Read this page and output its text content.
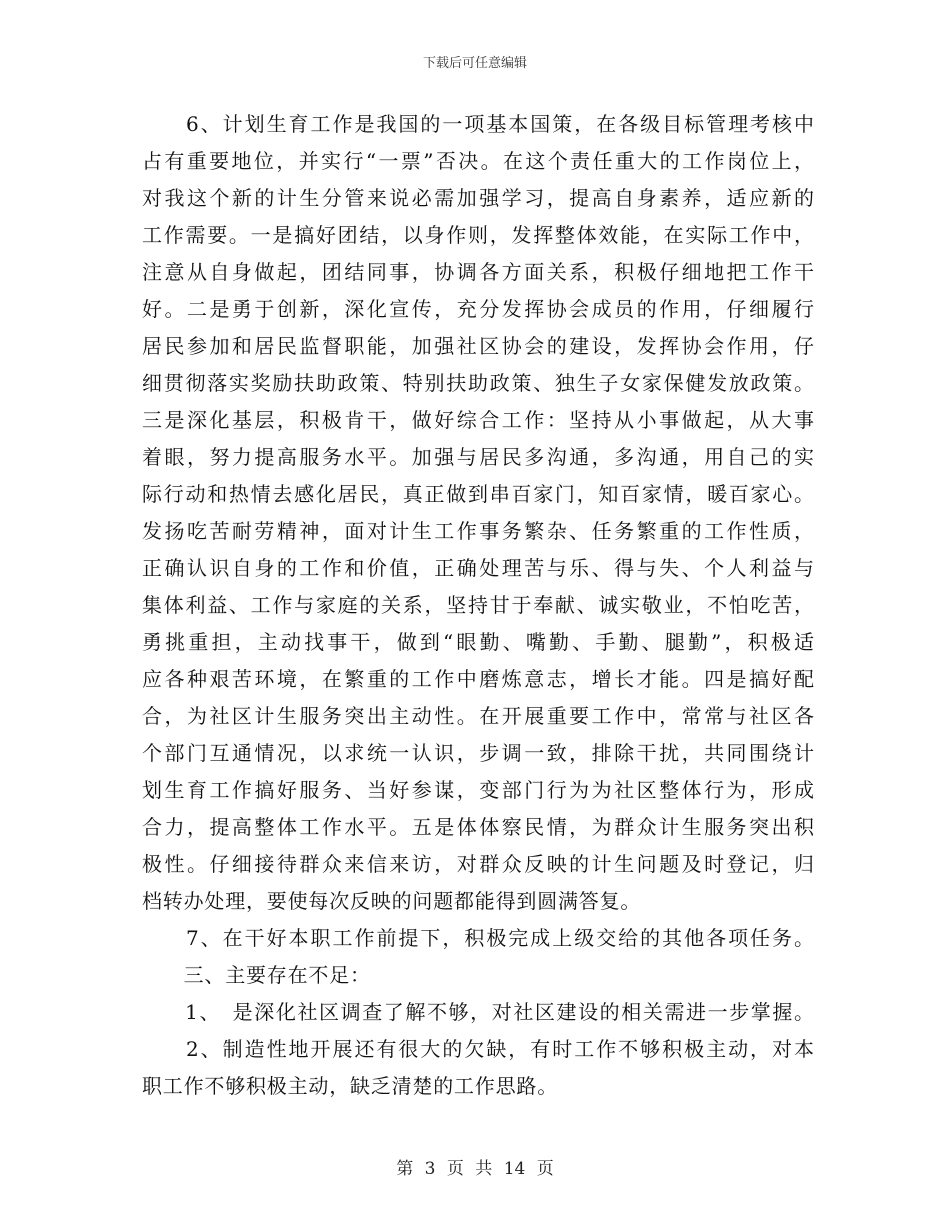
下载后可任意编辑
　　6、计划生育工作是我国的一项基本国策，在各级目标管理考核中
占有重要地位，并实行“一票”否决。在这个责任重大的工作岗位上，
对我这个新的计生分管来说必需加强学习，提高自身素养，适应新的
工作需要。一是搞好团结，以身作则，发挥整体效能，在实际工作中，
注意从自身做起，团结同事，协调各方面关系，积极仔细地把工作干
好。二是勇于创新，深化宣传，充分发挥协会成员的作用，仔细履行
居民参加和居民监督职能，加强社区协会的建设，发挥协会作用，仔
细贯彻落实奖励扶助政策、特别扶助政策、独生子女家保健发放政策。
三是深化基层，积极肯干，做好综合工作：坚持从小事做起，从大事
着眼，努力提高服务水平。加强与居民多沟通，多沟通，用自己的实
际行动和热情去感化居民，真正做到串百家门，知百家情，暖百家心。
发扬吃苦耐劳精神，面对计生工作事务繁杂、任务繁重的工作性质，
正确认识自身的工作和价值，正确处理苦与乐、得与失、个人利益与
集体利益、工作与家庭的关系，坚持甘于奉献、诚实敬业，不怕吃苦，
勇挑重担，主动找事干，做到“眼勤、嘴勤、手勤、腿勤”，积极适
应各种艰苦环境，在繁重的工作中磨炼意志，增长才能。四是搞好配
合，为社区计生服务突出主动性。在开展重要工作中，常常与社区各
个部门互通情况，以求统一认识，步调一致，排除干扰，共同围绕计
划生育工作搞好服务、当好参谋，变部门行为为社区整体行为，形成
合力，提高整体工作水平。五是体体察民情，为群众计生服务突出积
极性。仔细接待群众来信来访，对群众反映的计生问题及时登记，归
档转办处理，要使每次反映的问题都能得到圆满答复。
　　7、在干好本职工作前提下，积极完成上级交给的其他各项任务。
　　三、主要存在不足：
　　1、　是深化社区调查了解不够，对社区建设的相关需进一步掌握。
　　2、制造性地开展还有很大的欠缺，有时工作不够积极主动，对本
职工作不够积极主动，缺乏清楚的工作思路。
第 3 页 共 14 页
